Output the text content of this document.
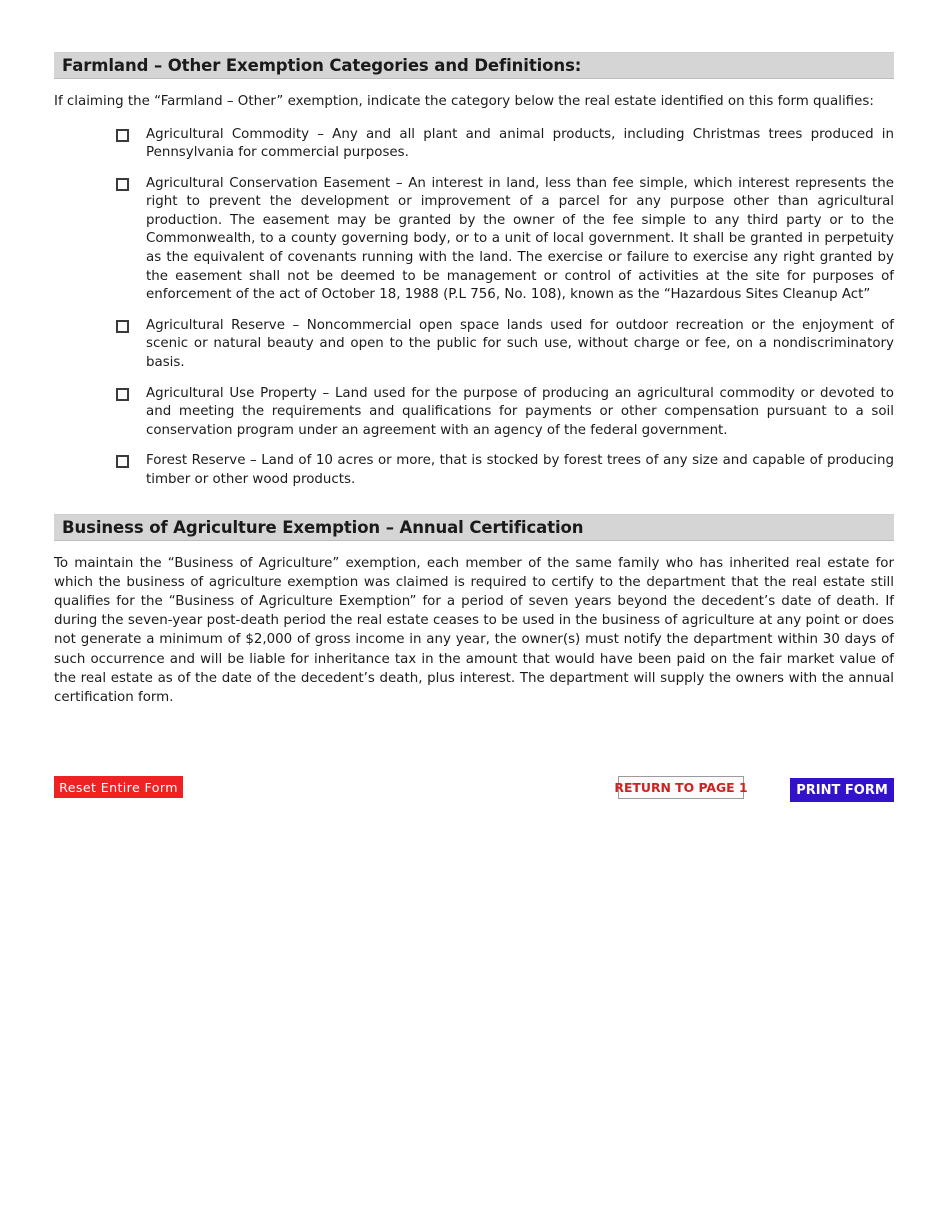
Farmland – Other Exemption Categories and Definitions:

If claiming the “Farmland – Other” exemption, indicate the category below the real estate identified on this form qualifies:

Agricultural Commodity – Any and all plant and animal products, including Christmas trees produced in Pennsylvania for commercial purposes.
Agricultural Conservation Easement – An interest in land, less than fee simple, which interest represents the right to prevent the development or improvement of a parcel for any purpose other than agricultural production. The easement may be granted by the owner of the fee simple to any third party or to the Commonwealth, to a county governing body, or to a unit of local government. It shall be granted in perpetuity as the equivalent of covenants running with the land. The exercise or failure to exercise any right granted by the easement shall not be deemed to be management or control of activities at the site for purposes of enforcement of the act of October 18, 1988 (P.L 756, No. 108), known as the “Hazardous Sites Cleanup Act”
Agricultural Reserve – Noncommercial open space lands used for outdoor recreation or the enjoyment of scenic or natural beauty and open to the public for such use, without charge or fee, on a nondiscriminatory basis.
Agricultural Use Property – Land used for the purpose of producing an agricultural commodity or devoted to and meeting the requirements and qualifications for payments or other compensation pursuant to a soil conservation program under an agreement with an agency of the federal government.
Forest Reserve – Land of 10 acres or more, that is stocked by forest trees of any size and capable of producing timber or other wood products.
Business of Agriculture Exemption – Annual Certification

To maintain the “Business of Agriculture” exemption, each member of the same family who has inherited real estate for which the business of agriculture exemption was claimed is required to certify to the department that the real estate still qualifies for the “Business of Agriculture Exemption” for a period of seven years beyond the decedent’s date of death. If during the seven-year post-death period the real estate ceases to be used in the business of agriculture at any point or does not generate a minimum of $2,000 of gross income in any year, the owner(s) must notify the department within 30 days of such occurrence and will be liable for inheritance tax in the amount that would have been paid on the fair market value of the real estate as of the date of the decedent’s death, plus interest. The department will supply the owners with the annual certification form.

Reset Entire Form	RETURN TO PAGE 1	PRINT FORM
